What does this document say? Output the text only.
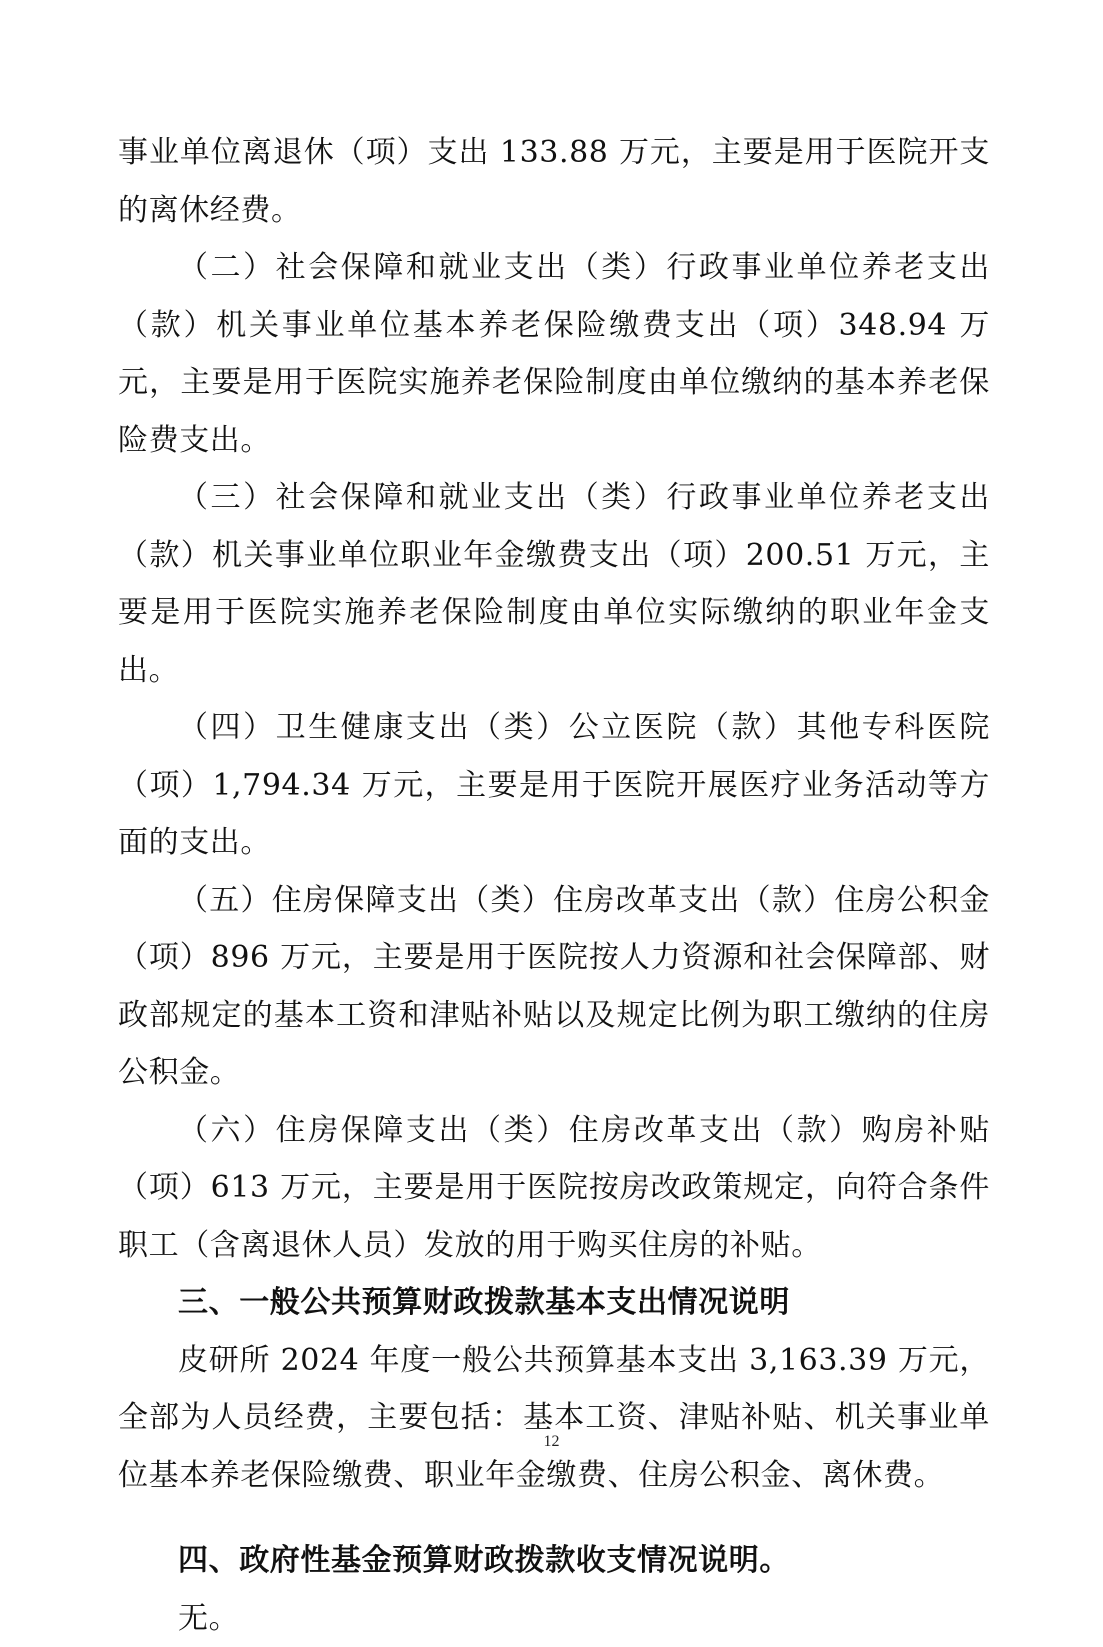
事业单位离退休（项）支出 133.88 万元，主要是用于医院开支的离休经费。

（二）社会保障和就业支出（类）行政事业单位养老支出（款）机关事业单位基本养老保险缴费支出（项）348.94 万元，主要是用于医院实施养老保险制度由单位缴纳的基本养老保险费支出。

（三）社会保障和就业支出（类）行政事业单位养老支出（款）机关事业单位职业年金缴费支出（项）200.51 万元，主要是用于医院实施养老保险制度由单位实际缴纳的职业年金支出。

（四）卫生健康支出（类）公立医院（款）其他专科医院（项）1,794.34 万元，主要是用于医院开展医疗业务活动等方面的支出。

（五）住房保障支出（类）住房改革支出（款）住房公积金（项）896 万元，主要是用于医院按人力资源和社会保障部、财政部规定的基本工资和津贴补贴以及规定比例为职工缴纳的住房公积金。

（六）住房保障支出（类）住房改革支出（款）购房补贴（项）613 万元，主要是用于医院按房改政策规定，向符合条件职工（含离退休人员）发放的用于购买住房的补贴。

三、一般公共预算财政拨款基本支出情况说明

皮研所 2024 年度一般公共预算基本支出 3,163.39 万元，全部为人员经费，主要包括：基本工资、津贴补贴、机关事业单位基本养老保险缴费、职业年金缴费、住房公积金、离休费。

四、政府性基金预算财政拨款收支情况说明。

无。

12
